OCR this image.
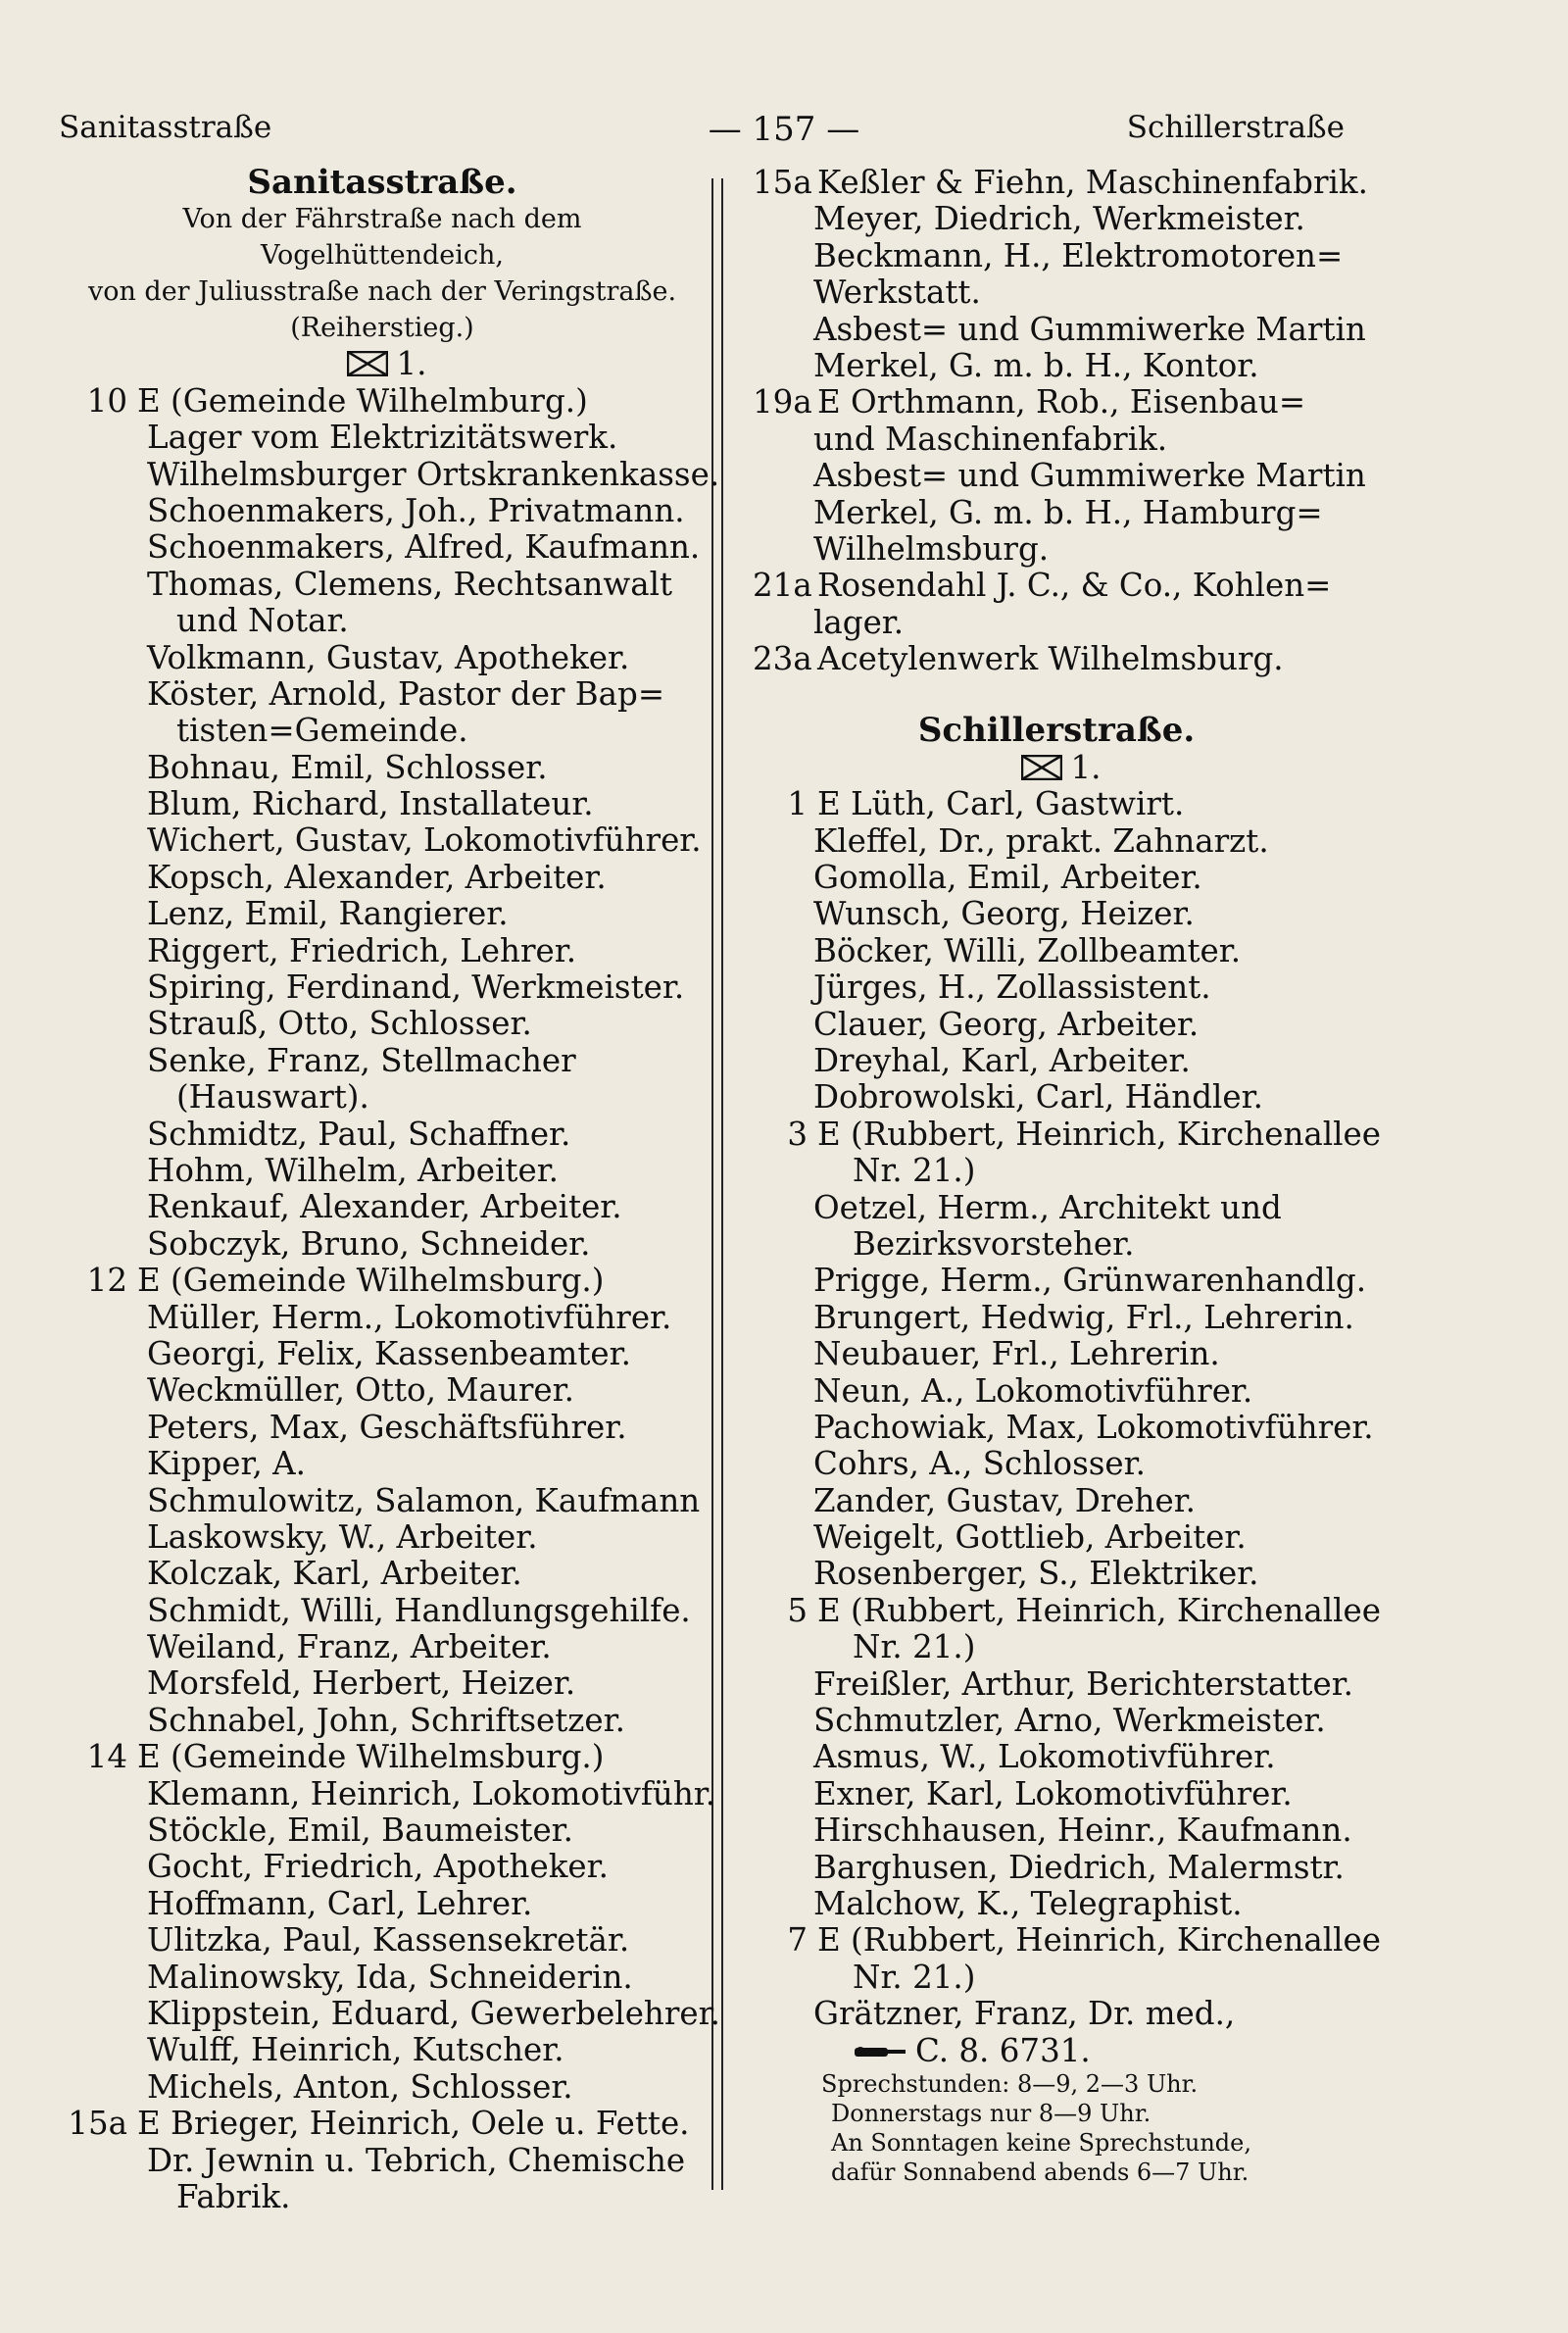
Sanitasstraße	— 157 —	Schillerstraße
Sanitasstraße.
Von der Fährstraße nach dem Vogelhüttendeich,
von der Juliusstraße nach der Veringstraße.
(Reiherstieg.)
1.
10 E (Gemeinde Wilhelmburg.)
Lager vom Elektrizitätswerk.
Wilhelmsburger Ortskrankenkasse.
Schoenmakers, Joh., Privatmann.
Schoenmakers, Alfred, Kaufmann.
Thomas, Clemens, Rechtsanwalt
und Notar.
Volkmann, Gustav, Apotheker.
Köster, Arnold, Pastor der Bap=
tisten=Gemeinde.
Bohnau, Emil, Schlosser.
Blum, Richard, Installateur.
Wichert, Gustav, Lokomotivführer.
Kopsch, Alexander, Arbeiter.
Lenz, Emil, Rangierer.
Riggert, Friedrich, Lehrer.
Spiring, Ferdinand, Werkmeister.
Strauß, Otto, Schlosser.
Senke, Franz, Stellmacher
(Hauswart).
Schmidtz, Paul, Schaffner.
Hohm, Wilhelm, Arbeiter.
Renkauf, Alexander, Arbeiter.
Sobczyk, Bruno, Schneider.
12 E (Gemeinde Wilhelmsburg.)
Müller, Herm., Lokomotivführer.
Georgi, Felix, Kassenbeamter.
Weckmüller, Otto, Maurer.
Peters, Max, Geschäftsführer.
Kipper, A.
Schmulowitz, Salamon, Kaufmann
Laskowsky, W., Arbeiter.
Kolczak, Karl, Arbeiter.
Schmidt, Willi, Handlungsgehilfe.
Weiland, Franz, Arbeiter.
Morsfeld, Herbert, Heizer.
Schnabel, John, Schriftsetzer.
14 E (Gemeinde Wilhelmsburg.)
Klemann, Heinrich, Lokomotivführ.
Stöckle, Emil, Baumeister.
Gocht, Friedrich, Apotheker.
Hoffmann, Carl, Lehrer.
Ulitzka, Paul, Kassensekretär.
Malinowsky, Ida, Schneiderin.
Klippstein, Eduard, Gewerbelehrer.
Wulff, Heinrich, Kutscher.
Michels, Anton, Schlosser.
15a E Brieger, Heinrich, Oele u. Fette.
Dr. Jewnin u. Tebrich, Chemische
Fabrik.
15a Keßler & Fiehn, Maschinenfabrik.
Meyer, Diedrich, Werkmeister.
Beckmann, H., Elektromotoren=
Werkstatt.
Asbest= und Gummiwerke Martin
Merkel, G. m. b. H., Kontor.
19a E Orthmann, Rob., Eisenbau=
und Maschinenfabrik.
Asbest= und Gummiwerke Martin
Merkel, G. m. b. H., Hamburg=
Wilhelmsburg.
21a Rosendahl J. C., & Co., Kohlen=
lager.
23a Acetylenwerk Wilhelmsburg.
Schillerstraße.
1.
1 E Lüth, Carl, Gastwirt.
Kleffel, Dr., prakt. Zahnarzt.
Gomolla, Emil, Arbeiter.
Wunsch, Georg, Heizer.
Böcker, Willi, Zollbeamter.
Jürges, H., Zollassistent.
Clauer, Georg, Arbeiter.
Dreyhal, Karl, Arbeiter.
Dobrowolski, Carl, Händler.
3 E (Rubbert, Heinrich, Kirchenallee
Nr. 21.)
Oetzel, Herm., Architekt und
Bezirksvorsteher.
Prigge, Herm., Grünwarenhandlg.
Brungert, Hedwig, Frl., Lehrerin.
Neubauer, Frl., Lehrerin.
Neun, A., Lokomotivführer.
Pachowiak, Max, Lokomotivführer.
Cohrs, A., Schlosser.
Zander, Gustav, Dreher.
Weigelt, Gottlieb, Arbeiter.
Rosenberger, S., Elektriker.
5 E (Rubbert, Heinrich, Kirchenallee
Nr. 21.)
Freißler, Arthur, Berichterstatter.
Schmutzler, Arno, Werkmeister.
Asmus, W., Lokomotivführer.
Exner, Karl, Lokomotivführer.
Hirschhausen, Heinr., Kaufmann.
Barghusen, Diedrich, Malermstr.
Malchow, K., Telegraphist.
7 E (Rubbert, Heinrich, Kirchenallee
Nr. 21.)
Grätzner, Franz, Dr. med.,
C. 8. 6731.
Sprechstunden: 8—9, 2—3 Uhr.
Donnerstags nur 8—9 Uhr.
An Sonntagen keine Sprechstunde,
dafür Sonnabend abends 6—7 Uhr.
